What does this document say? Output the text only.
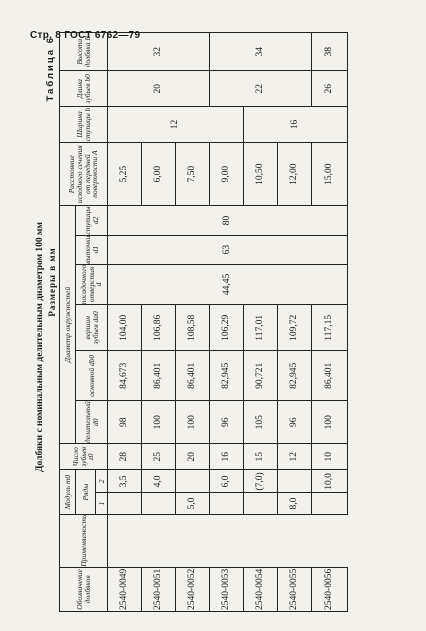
Стр. 8 ГОСТ 6762—79
Долбяки с номинальным делительным диаметром 100 мм
Таблица 6
Размеры в мм
Обозначение долбяков	Применяемость	Модуль m0		Число зубьев z0	Диаметр окружностей						Расстояние исходного сечения от передней поверхности A	Ширина ступицы b	Длина зубьев b0	Высота долбяка B
		Ряды			делительный d0	основной db0	вершин зубьев da0	посадочного отверстия d	выточки d1	ступицы d2				
		1	2											
2540-0049			3,5	28	98	84,673	104,00	44,45	63	80	5,25	12	20	32
2540-0051			4,0	25	100	86,401	106,86				6,00			
2540-0052		5,0		20	100	86,401	108,58				7,50			
2540-0053			6,0	16	96	82,945	106,29				9,00		22	34
2540-0054			(7,0)	15	105	90,721	117,01				10,50	16		
2540-0055		8,0		12	96	82,945	109,72				12,00			
2540-0056			10,0	10	100	86,401	117,15				15,00		26	38
